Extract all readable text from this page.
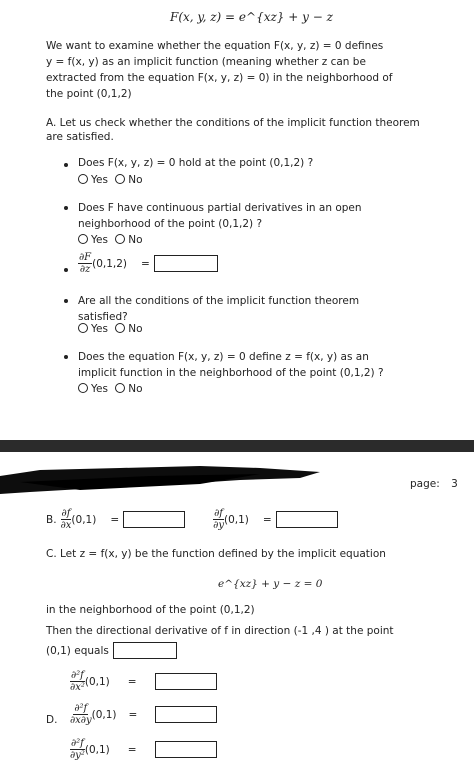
F(x, y, z) = e^{xz} + y − z

We want to examine whether the equation F(x, y, z) = 0 defines

y = f(x, y) as an implicit function (meaning whether z can be

extracted from the equation F(x, y, z) = 0) in the neighborhood of

the point (0,1,2)

A. Let us check whether the conditions of the implicit function theorem

are satisfied.

Does F(x, y, z) = 0 hold at the point (0,1,2) ?
Yes No

Does F have continuous partial derivatives in an open

neighborhood of the point (0,1,2) ?

Yes No
$\frac{\partial F}{\partial z} (0,1,2)$ =

Are all the conditions of the implicit function theorem

satisfied?

Yes No

Does the equation F(x, y, z) = 0 define z = f(x, y) as an

implicit function in the neighborhood of the point (0,1,2) ?

Yes No
page: 3
B. $\frac{\partial f}{\partial x} (0,1)$ =	$\frac{\partial f}{\partial y} (0,1)$ =
C. Let z = f(x, y) be the function defined by the implicit equation
e^{xz} + y − z = 0
in the neighborhood of the point (0,1,2)
Then the directional derivative of f in direction (-1 ,4 ) at the point
(0,1) equals
D.
$\frac{\text{∂²f}}{\text{∂x²}} (0,1)$ =
$\frac{\text{∂²f}}{\partial x\partial y} (0,1)$ =
$\frac{\text{∂²f}}{\text{∂y²}} (0,1)$ =
